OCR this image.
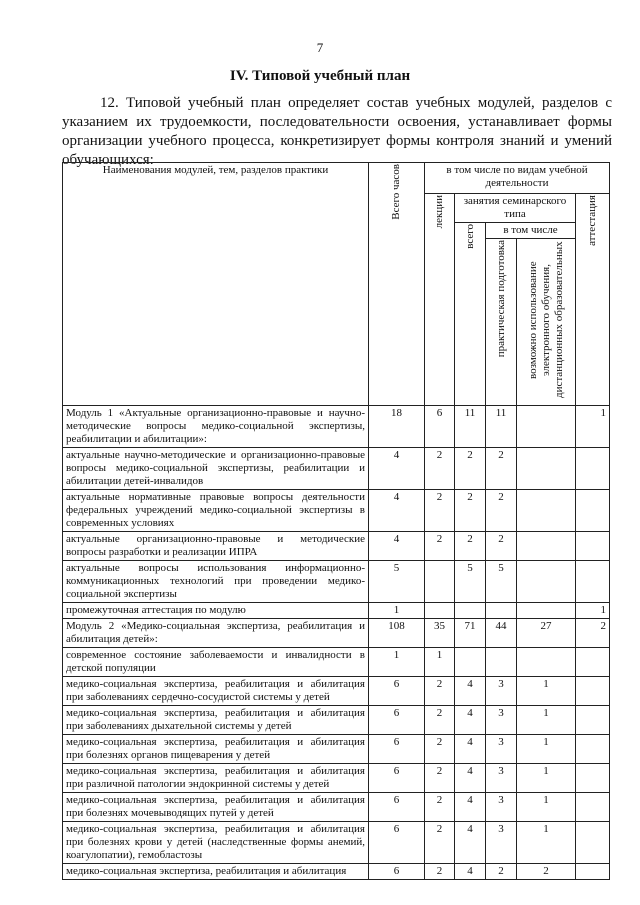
7
IV. Типовой учебный план
12. Типовой учебный план определяет состав учебных модулей, разделов с указанием их трудоемкости, последовательности освоения, устанавливает формы организации учебного процесса, конкретизирует формы контроля знаний и умений обучающихся:
Наименования модулей, тем, разделов практики	Всего часов	в том числе по видам учебной деятельности				
		лекции	занятия семинарского типа			аттестация
			всего	в том числе		
				практическая подготовка	возможно использование электронного обучения, дистанционных образовательных	
Модуль 1 «Актуальные организационно-правовые и научно-методические вопросы медико-социальной экспертизы, реабилитации и абилитации»:	18	6	11	11		1
актуальные научно-методические и организационно-правовые вопросы медико-социальной экспертизы, реабилитации и абилитации детей-инвалидов	4	2	2	2		
актуальные нормативные правовые вопросы деятельности федеральных учреждений медико-социальной экспертизы в современных условиях	4	2	2	2		
актуальные организационно-правовые и методические вопросы разработки и реализации ИПРА	4	2	2	2		
актуальные вопросы использования информационно-коммуникационных технологий при проведении медико-социальной экспертизы	5		5	5		
промежуточная аттестация по модулю	1					1
Модуль 2 «Медико-социальная экспертиза, реабилитация и абилитация детей»:	108	35	71	44	27	2
современное состояние заболеваемости и инвалидности в детской популяции	1	1				
медико-социальная экспертиза, реабилитация и абилитация при заболеваниях сердечно-сосудистой системы у детей	6	2	4	3	1	
медико-социальная экспертиза, реабилитация и абилитация при заболеваниях дыхательной системы у детей	6	2	4	3	1	
медико-социальная экспертиза, реабилитация и абилитация при болезнях органов пищеварения у детей	6	2	4	3	1	
медико-социальная экспертиза, реабилитация и абилитация при различной патологии эндокринной системы у детей	6	2	4	3	1	
медико-социальная экспертиза, реабилитация и абилитация при болезнях мочевыводящих путей у детей	6	2	4	3	1	
медико-социальная экспертиза, реабилитация и абилитация при болезнях крови у детей (наследственные формы анемий, коагулопатии), гемобластозы	6	2	4	3	1	
медико-социальная экспертиза, реабилитация и абилитация	6	2	4	2	2	
